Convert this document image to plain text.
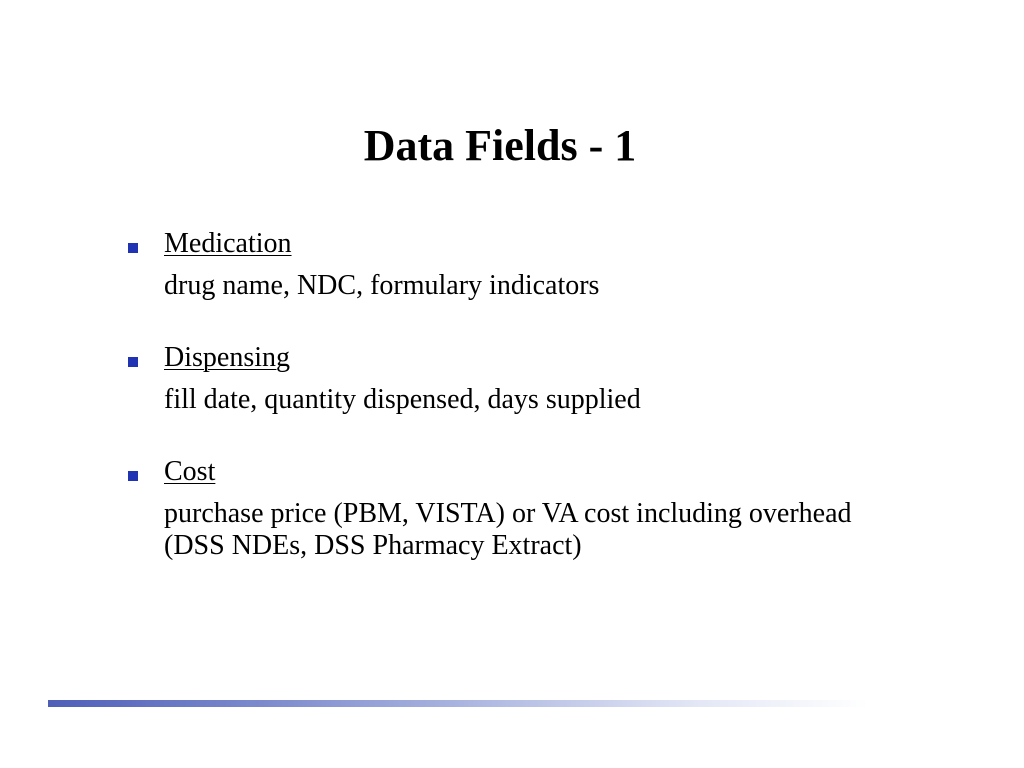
Data Fields - 1
Medication
drug name, NDC, formulary indicators
Dispensing
fill date, quantity dispensed, days supplied
Cost
purchase price (PBM, VISTA) or VA cost including overhead (DSS NDEs, DSS Pharmacy Extract)
